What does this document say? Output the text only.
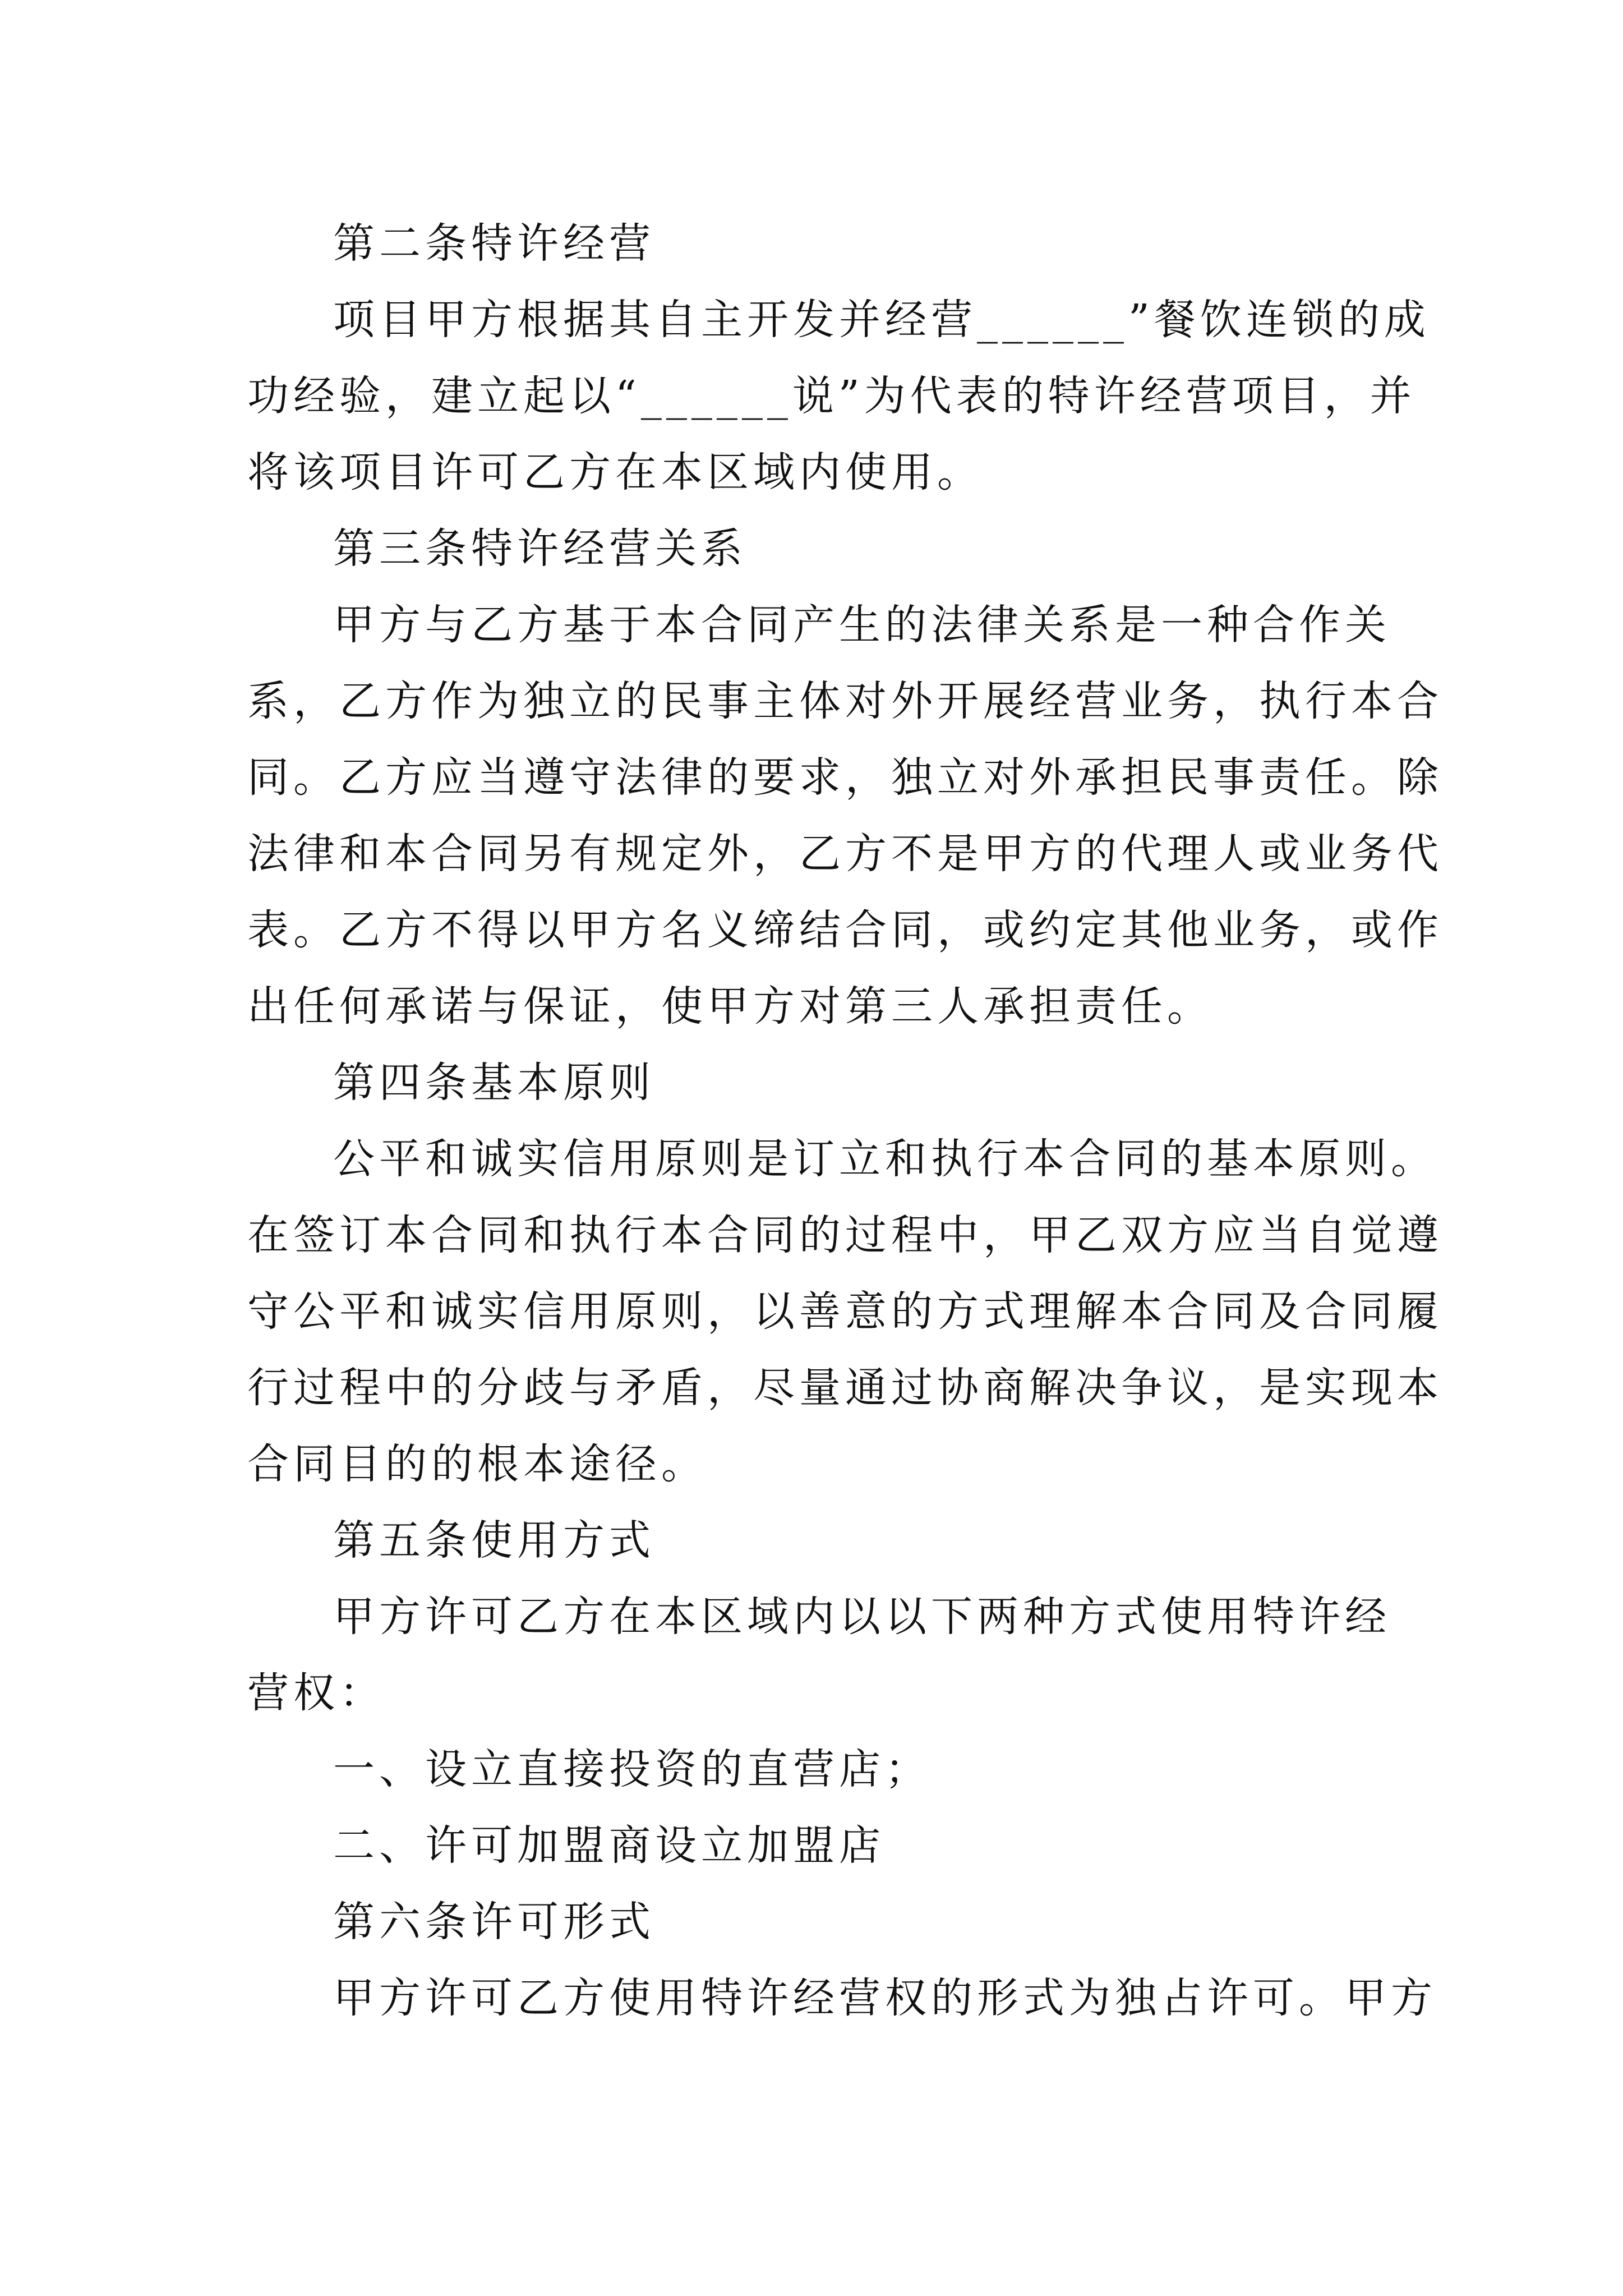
第二条特许经营
项目甲方根据其自主开发并经营______”餐饮连锁的成
功经验，建立起以“______说”为代表的特许经营项目，并
将该项目许可乙方在本区域内使用。
第三条特许经营关系
甲方与乙方基于本合同产生的法律关系是一种合作关
系，乙方作为独立的民事主体对外开展经营业务，执行本合
同。乙方应当遵守法律的要求，独立对外承担民事责任。除
法律和本合同另有规定外，乙方不是甲方的代理人或业务代
表。乙方不得以甲方名义缔结合同，或约定其他业务，或作
出任何承诺与保证，使甲方对第三人承担责任。
第四条基本原则
公平和诚实信用原则是订立和执行本合同的基本原则。
在签订本合同和执行本合同的过程中，甲乙双方应当自觉遵
守公平和诚实信用原则，以善意的方式理解本合同及合同履
行过程中的分歧与矛盾，尽量通过协商解决争议，是实现本
合同目的的根本途径。
第五条使用方式
甲方许可乙方在本区域内以以下两种方式使用特许经
营权：
一、设立直接投资的直营店；
二、许可加盟商设立加盟店
第六条许可形式
甲方许可乙方使用特许经营权的形式为独占许可。甲方
